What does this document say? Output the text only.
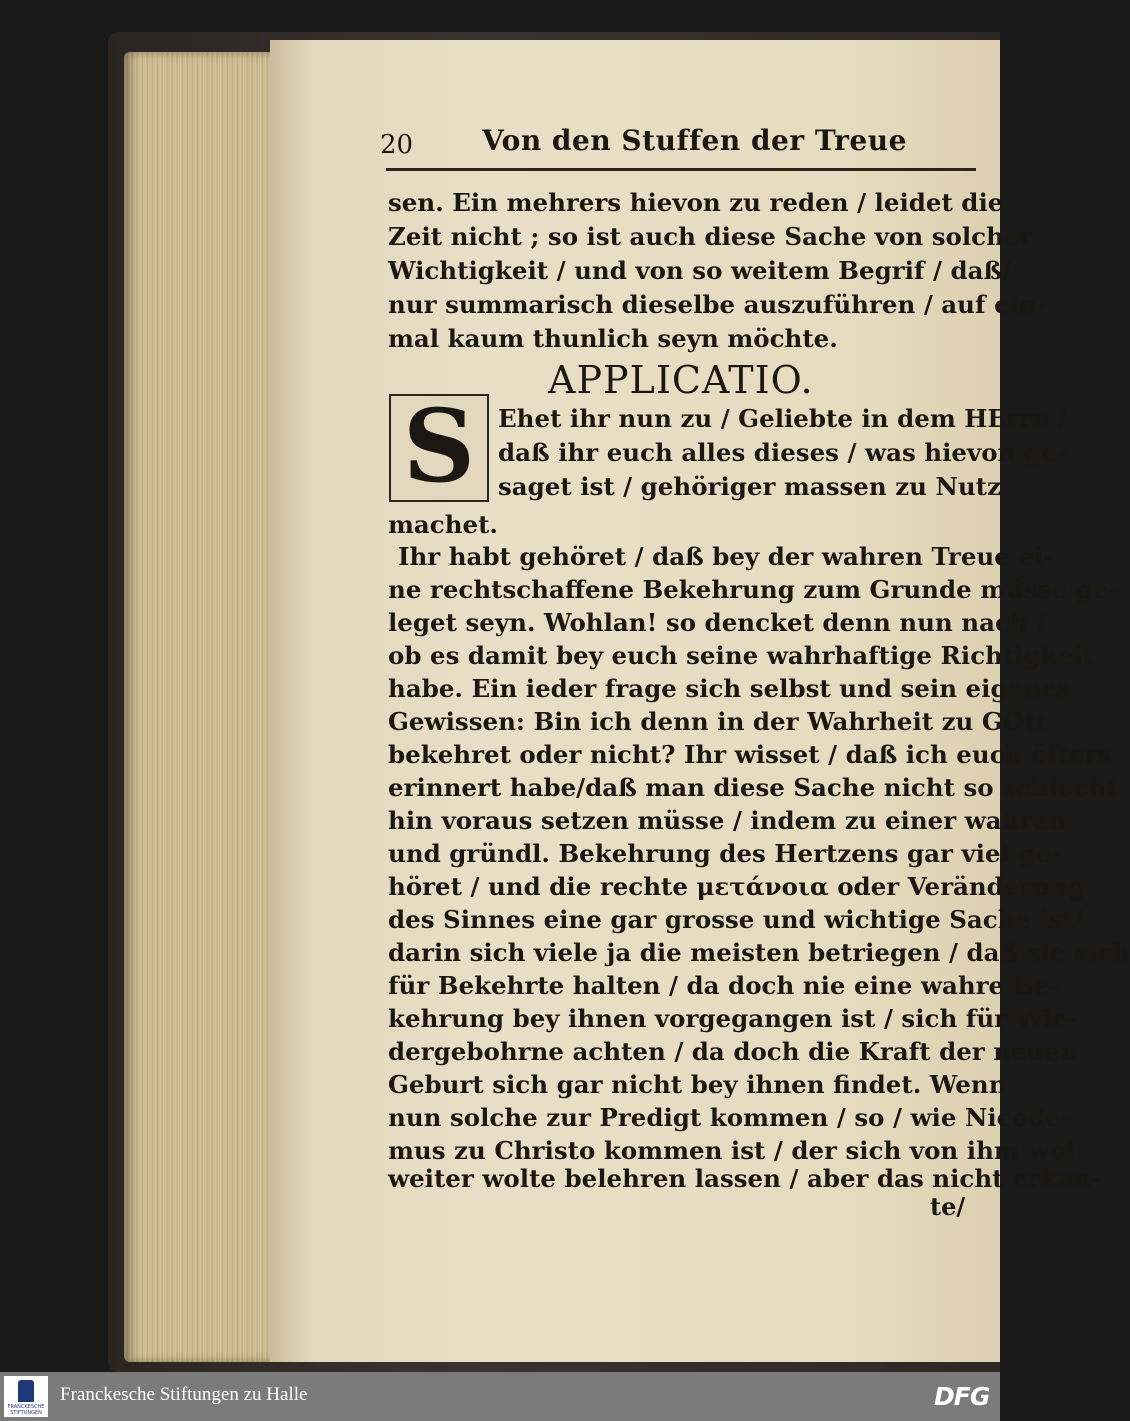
20 Von den Stuffen der Treue
sen. Ein mehrers hievon zu reden / leidet die
Zeit nicht ; so ist auch diese Sache von solcher
Wichtigkeit / und von so weitem Begrif / daß/
nur summarisch dieselbe auszuführen / auf ein-
mal kaum thunlich seyn möchte.
APPLICATIO.
S Ehet ihr nun zu / Geliebte in dem HErrn /
daß ihr euch alles dieses / was hievon ge-
saget ist / gehöriger massen zu Nutz
machet.
Ihr habt gehöret / daß bey der wahren Treue ei-
ne rechtschaffene Bekehrung zum Grunde müsse ge-
leget seyn. Wohlan! so dencket denn nun nach /
ob es damit bey euch seine wahrhaftige Richtigkeit
habe. Ein ieder frage sich selbst und sein eigenes
Gewissen: Bin ich denn in der Wahrheit zu GOtt
bekehret oder nicht? Ihr wisset / daß ich euch öfters
erinnert habe/daß man diese Sache nicht so schlecht
hin voraus setzen müsse / indem zu einer wahren
und gründl. Bekehrung des Hertzens gar viel ge-
höret / und die rechte μετάνοια oder Veränderung
des Sinnes eine gar grosse und wichtige Sache ist/
darin sich viele ja die meisten betriegen / daß sie sich
für Bekehrte halten / da doch nie eine wahre Be-
kehrung bey ihnen vorgegangen ist / sich für Wie-
dergebohrne achten / da doch die Kraft der neuen
Geburt sich gar nicht bey ihnen findet. Wenn
nun solche zur Predigt kommen / so / wie Nicode-
mus zu Christo kommen ist / der sich von ihm wol
weiter wolte belehren lassen / aber das nicht erkan-
te/
FRANCKESCHE
STIFTUNGEN
Franckesche Stiftungen zu Halle	DFG
